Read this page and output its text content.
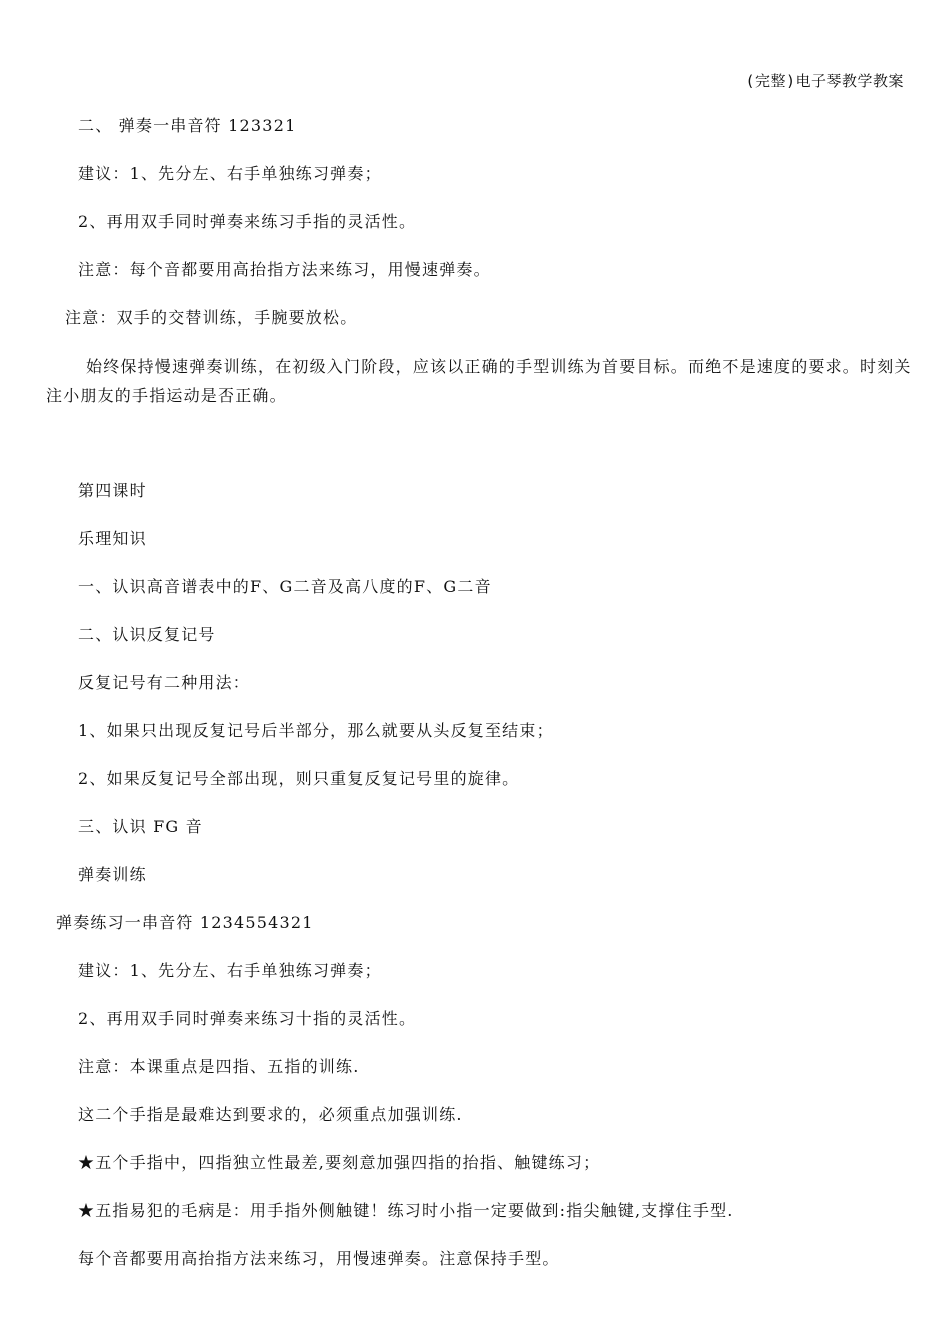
(完整)电子琴教学教案
二、 弹奏一串音符 123321
建议：1、先分左、右手单独练习弹奏；
2、再用双手同时弹奏来练习手指的灵活性。
注意：每个音都要用高抬指方法来练习，用慢速弹奏。
注意：双手的交替训练，手腕要放松。
始终保持慢速弹奏训练，在初级入门阶段，应该以正确的手型训练为首要目标。而绝不是速度的要求。时刻关注小朋友的手指运动是否正确。
第四课时
乐理知识
一、认识高音谱表中的F、G二音及高八度的F、G二音
二、认识反复记号
反复记号有二种用法：
1、如果只出现反复记号后半部分，那么就要从头反复至结束；
2、如果反复记号全部出现，则只重复反复记号里的旋律。
三、认识 FG 音
弹奏训练
弹奏练习一串音符 1234554321
建议：1、先分左、右手单独练习弹奏；
2、再用双手同时弹奏来练习十指的灵活性。
注意：本课重点是四指、五指的训练.
这二个手指是最难达到要求的，必须重点加强训练.
★五个手指中，四指独立性最差,要刻意加强四指的抬指、触键练习；
★五指易犯的毛病是：用手指外侧触键！练习时小指一定要做到:指尖触键,支撑住手型.
每个音都要用高抬指方法来练习，用慢速弹奏。注意保持手型。
